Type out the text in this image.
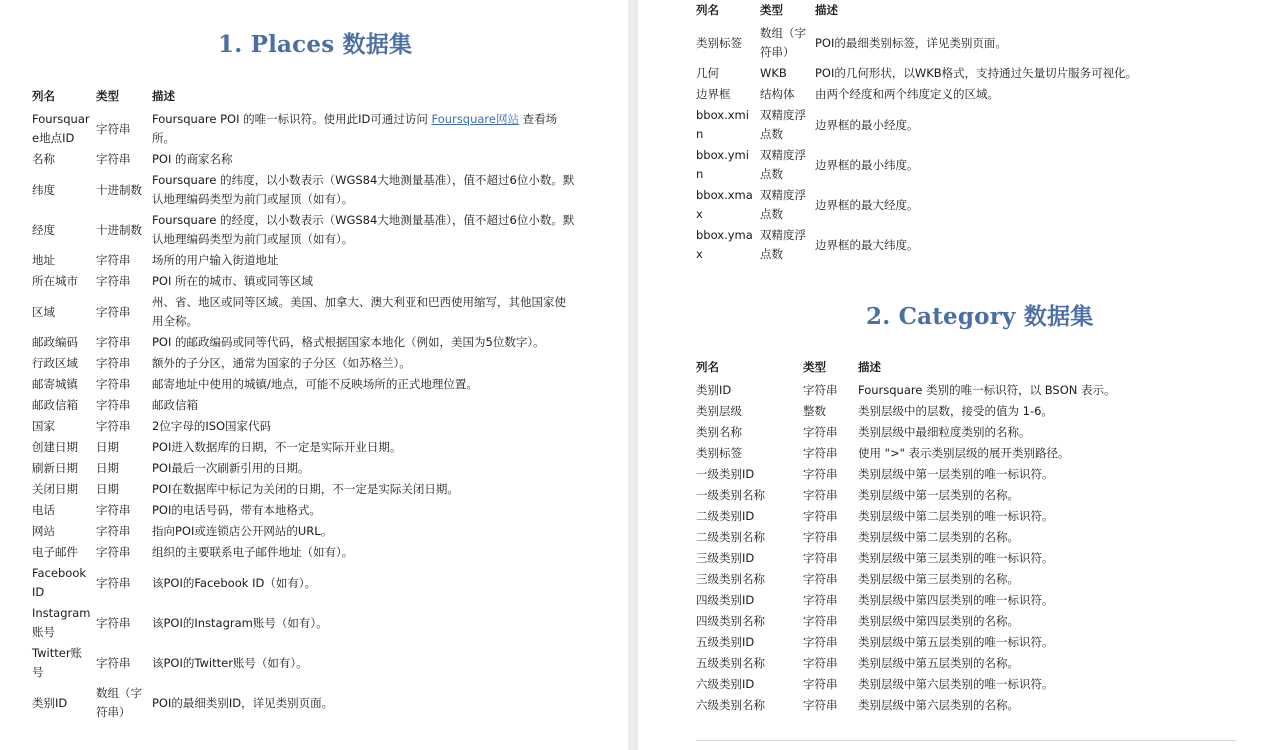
1. Places 数据集
列名	类型	描述
Foursquare地点ID	字符串	Foursquare POI 的唯一标识符。使用此ID可通过访问 Foursquare网站 查看场所。
名称	字符串	POI 的商家名称
纬度	十进制数	Foursquare 的纬度，以小数表示（WGS84大地测量基准），值不超过6位小数。默认地理编码类型为前门或屋顶（如有）。
经度	十进制数	Foursquare 的经度，以小数表示（WGS84大地测量基准），值不超过6位小数。默认地理编码类型为前门或屋顶（如有）。
地址	字符串	场所的用户输入街道地址
所在城市	字符串	POI 所在的城市、镇或同等区域
区域	字符串	州、省、地区或同等区域。美国、加拿大、澳大利亚和巴西使用缩写，其他国家使用全称。
邮政编码	字符串	POI 的邮政编码或同等代码，格式根据国家本地化（例如，美国为5位数字）。
行政区域	字符串	额外的子分区，通常为国家的子分区（如苏格兰）。
邮寄城镇	字符串	邮寄地址中使用的城镇/地点，可能不反映场所的正式地理位置。
邮政信箱	字符串	邮政信箱
国家	字符串	2位字母的ISO国家代码
创建日期	日期	POI进入数据库的日期，不一定是实际开业日期。
刷新日期	日期	POI最后一次刷新引用的日期。
关闭日期	日期	POI在数据库中标记为关闭的日期，不一定是实际关闭日期。
电话	字符串	POI的电话号码，带有本地格式。
网站	字符串	指向POI或连锁店公开网站的URL。
电子邮件	字符串	组织的主要联系电子邮件地址（如有）。
Facebook ID	字符串	该POI的Facebook ID（如有）。
Instagram账号	字符串	该POI的Instagram账号（如有）。
Twitter账号	字符串	该POI的Twitter账号（如有）。
类别ID	数组（字符串）	POI的最细类别ID，详见类别页面。
列名	类型	描述
类别标签	数组（字符串）	POI的最细类别标签，详见类别页面。
几何	WKB	POI的几何形状，以WKB格式，支持通过矢量切片服务可视化。
边界框	结构体	由两个经度和两个纬度定义的区域。
bbox.xmin	双精度浮点数	边界框的最小经度。
bbox.ymin	双精度浮点数	边界框的最小纬度。
bbox.xmax	双精度浮点数	边界框的最大经度。
bbox.ymax	双精度浮点数	边界框的最大纬度。
2. Category 数据集
列名	类型	描述
类别ID	字符串	Foursquare 类别的唯一标识符，以 BSON 表示。
类别层级	整数	类别层级中的层数，接受的值为 1-6。
类别名称	字符串	类别层级中最细粒度类别的名称。
类别标签	字符串	使用 ">" 表示类别层级的展开类别路径。
一级类别ID	字符串	类别层级中第一层类别的唯一标识符。
一级类别名称	字符串	类别层级中第一层类别的名称。
二级类别ID	字符串	类别层级中第二层类别的唯一标识符。
二级类别名称	字符串	类别层级中第二层类别的名称。
三级类别ID	字符串	类别层级中第三层类别的唯一标识符。
三级类别名称	字符串	类别层级中第三层类别的名称。
四级类别ID	字符串	类别层级中第四层类别的唯一标识符。
四级类别名称	字符串	类别层级中第四层类别的名称。
五级类别ID	字符串	类别层级中第五层类别的唯一标识符。
五级类别名称	字符串	类别层级中第五层类别的名称。
六级类别ID	字符串	类别层级中第六层类别的唯一标识符。
六级类别名称	字符串	类别层级中第六层类别的名称。
